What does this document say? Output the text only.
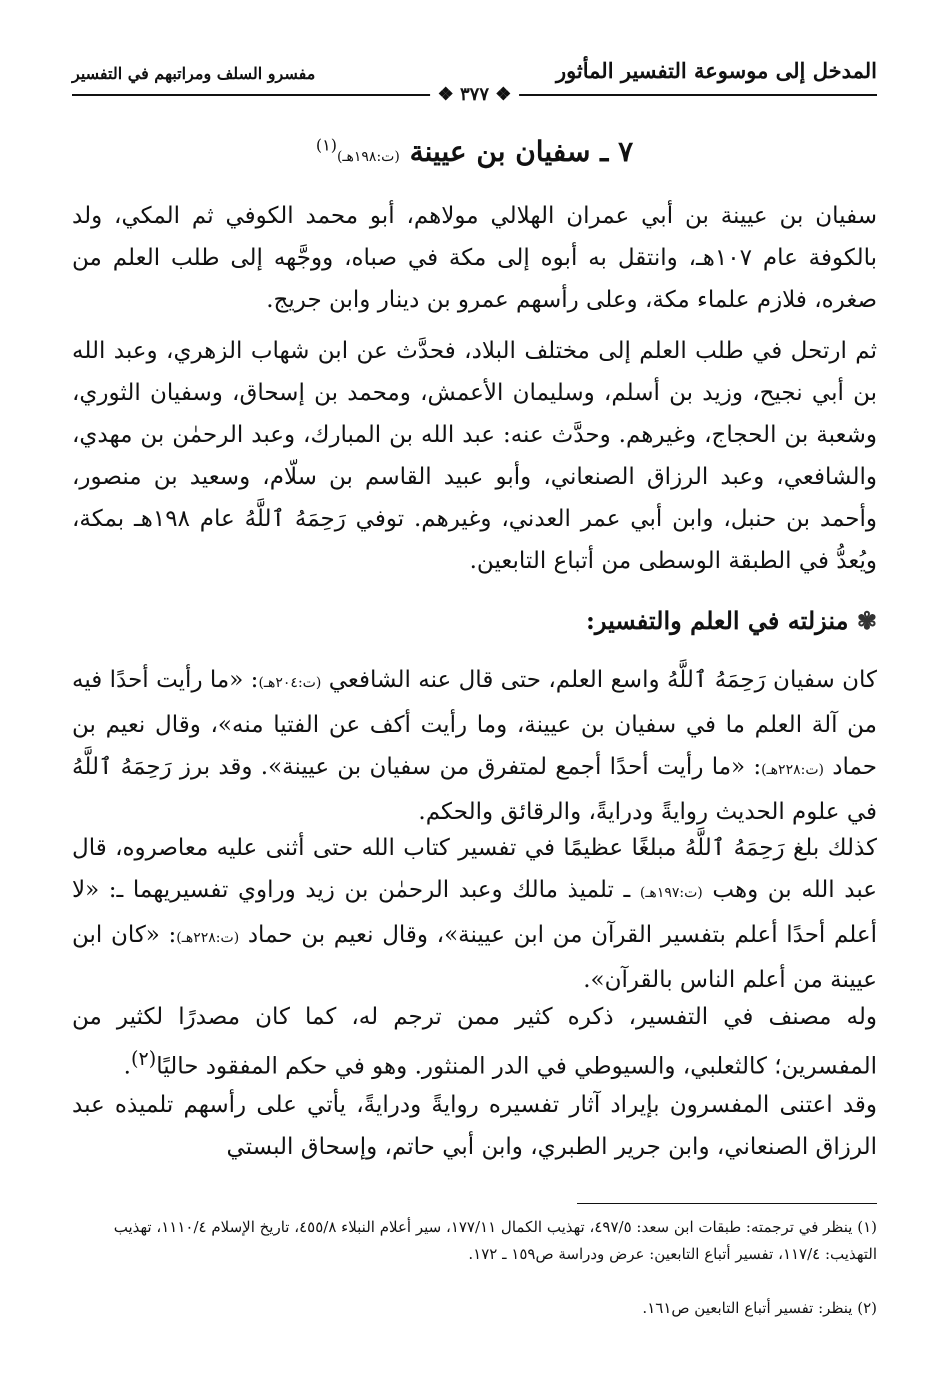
المدخل إلى موسوعة التفسير المأثور
مفسرو السلف ومراتبهم في التفسير
❖ ٣٧٧ ❖
٧ ـ سفيان بن عيينة (ت:١٩٨هـ)$^{(١)}$

سفيان بن عيينة بن أبي عمران الهلالي مولاهم، أبو محمد الكوفي ثم المكي، ولد بالكوفة عام ١٠٧هـ، وانتقل به أبوه إلى مكة في صباه، ووجَّهه إلى طلب العلم من صغره، فلازم علماء مكة، وعلى رأسهم عمرو بن دينار وابن جريج.

ثم ارتحل في طلب العلم إلى مختلف البلاد، فحدَّث عن ابن شهاب الزهري، وعبد الله بن أبي نجيح، وزيد بن أسلم، وسليمان الأعمش، ومحمد بن إسحاق، وسفيان الثوري، وشعبة بن الحجاج، وغيرهم. وحدَّث عنه: عبد الله بن المبارك، وعبد الرحمٰن بن مهدي، والشافعي، وعبد الرزاق الصنعاني، وأبو عبيد القاسم بن سلّام، وسعيد بن منصور، وأحمد بن حنبل، وابن أبي عمر العدني، وغيرهم. توفي رَحِمَهُ ٱللَّهُ عام ١٩٨هـ بمكة، ويُعدُّ في الطبقة الوسطى من أتباع التابعين.

✾ منزلته في العلم والتفسير:

كان سفيان رَحِمَهُ ٱللَّهُ واسع العلم، حتى قال عنه الشافعي (ت:٢٠٤هـ): «ما رأيت أحدًا فيه من آلة العلم ما في سفيان بن عيينة، وما رأيت أكف عن الفتيا منه»، وقال نعيم بن حماد (ت:٢٢٨هـ): «ما رأيت أحدًا أجمع لمتفرق من سفيان بن عيينة». وقد برز رَحِمَهُ ٱللَّهُ في علوم الحديث روايةً ودرايةً، والرقائق والحكم.

كذلك بلغ رَحِمَهُ ٱللَّهُ مبلغًا عظيمًا في تفسير كتاب الله حتى أثنى عليه معاصروه، قال عبد الله بن وهب (ت:١٩٧هـ) ـ تلميذ مالك وعبد الرحمٰن بن زيد وراوي تفسيريهما ـ: «لا أعلم أحدًا أعلم بتفسير القرآن من ابن عيينة»، وقال نعيم بن حماد (ت:٢٢٨هـ): «كان ابن عيينة من أعلم الناس بالقرآن».

وله مصنف في التفسير، ذكره كثير ممن ترجم له، كما كان مصدرًا لكثير من المفسرين؛ كالثعلبي، والسيوطي في الدر المنثور. وهو في حكم المفقود حاليًا$^{(٢)}$.

وقد اعتنى المفسرون بإيراد آثار تفسيره روايةً ودرايةً، يأتي على رأسهم تلميذه عبد الرزاق الصنعاني، وابن جرير الطبري، وابن أبي حاتم، وإسحاق البستي

(١) ينظر في ترجمته: طبقات ابن سعد: ٤٩٧/٥، تهذيب الكمال ١٧٧/١١، سير أعلام النبلاء ٤٥٥/٨، تاريخ الإسلام ١١١٠/٤، تهذيب التهذيب: ١١٧/٤، تفسير أتباع التابعين: عرض ودراسة ص١٥٩ ـ ١٧٢.

(٢) ينظر: تفسير أتباع التابعين ص١٦١.
